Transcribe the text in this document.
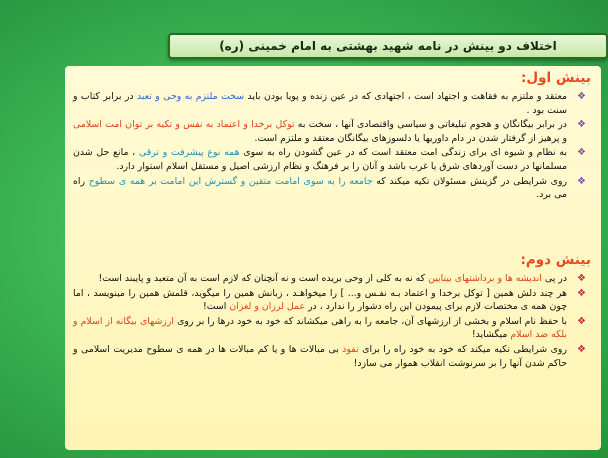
اختلاف دو بینش در نامه شهید بهشتی به امام خمینی (ره)
بینش اول:
❖
معتقد و ملتزم به فقاهت و اجتهاد است ، اجتهادی که در عین زنده و پویا بودن باید سخت ملتزم به وحی و تعبد در برابر کتاب و سنت بود .
❖
در برابر بیگانگان و هجوم تبلیغاتی و سیاسی واقتصادی آنها ، سخت به توکل برخدا و اعتماد به نفس و تکیه بر توان امت اسلامی و پرهیز از گرفتار شدن در دام داوریها یا دلسوزهای بیگانگان معتقد و ملتزم است.
❖
به نظام و شیوه ای برای زندگی امت معتقد است که در عین گشودن راه به سوی همه نوع پیشرفت و ترقی ، مانع حل شدن مسلمانها در دست آوردهای شرق یا غرب باشد و آنان را بر فرهنگ و نظام ارزشی اصیل و مستقل اسلام استوار دارد.
❖
روی شرایطی در گزینش مسئولان تکیه میکند که جامعه را به سوی امامت متقین و گسترش این امامت بر همه ی سطوح راه می برد.
بینش دوم:
❖
در پی اندیشه ها و برداشتهای بینابین که نه به کلی از وحی بریده است و نه آنچنان که لازم است به آن متعبد و پایبند است!
❖
هر چند دلش همین [ توکل برخدا و اعتماد بـه نفـس و... ] را میخواهـد ، زبانش همین را میگوید، قلمش همین را مینویسد ، اما چون همه ی مختصات لازم برای پیمودن این راه دشوار را ندارد ، در عمل لرزان و لغزان است!
❖
با حفظ نام اسلام و بخشی از ارزشهای آن، جامعه را به راهی میکشاند که خود به خود درها را بر روی ارزشهای بیگانه از اسلام و بلکه ضد اسلام میگشاید!
❖
روی شرایطی تکیه میکند که خود به خود راه را برای نفوذ بی مبالات ها و یا کم مبالات ها در همه ی سطوح مدیریت اسلامی و حاکم شدن آنها را بر سرنوشت انقلاب هموار می سازد!
